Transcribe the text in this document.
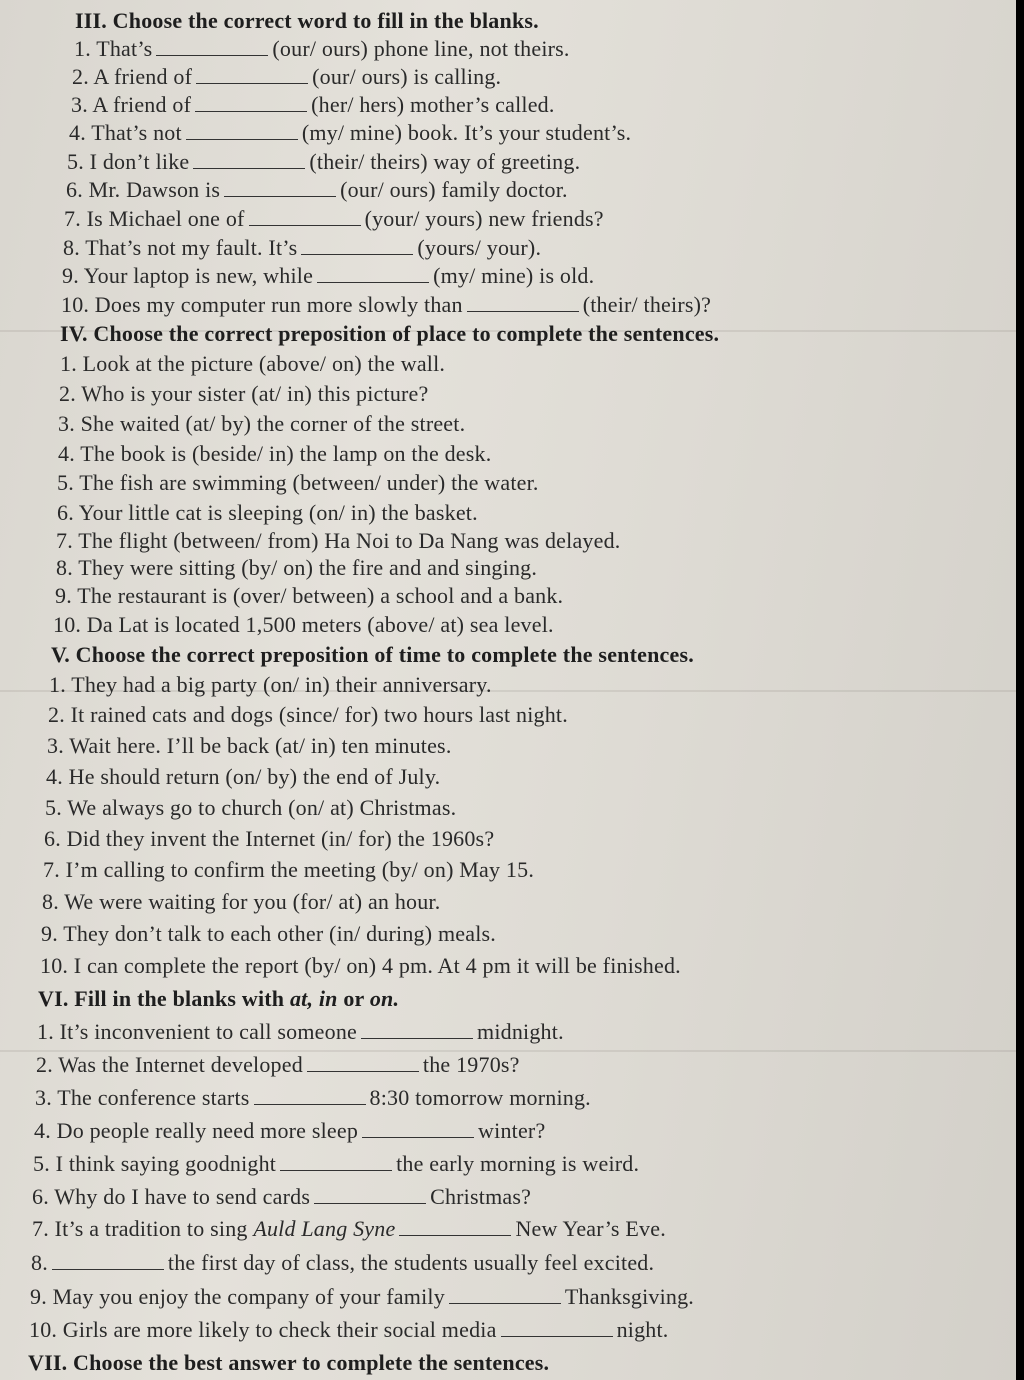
III. Choose the correct word to fill in the blanks.
1. That’s	(our/ ours) phone line, not theirs.
2. A friend of	(our/ ours) is calling.
3. A friend of	(her/ hers) mother’s called.
4. That’s not	(my/ mine) book. It’s your student’s.
5. I don’t like	(their/ theirs) way of greeting.
6. Mr. Dawson is	(our/ ours) family doctor.
7. Is Michael one of	(your/ yours) new friends?
8. That’s not my fault. It’s	(yours/ your).
9. Your laptop is new, while	(my/ mine) is old.
10. Does my computer run more slowly than	(their/ theirs)?
IV. Choose the correct preposition of place to complete the sentences.
1. Look at the picture (above/ on) the wall.
2. Who is your sister (at/ in) this picture?
3. She waited (at/ by) the corner of the street.
4. The book is (beside/ in) the lamp on the desk.
5. The fish are swimming (between/ under) the water.
6. Your little cat is sleeping (on/ in) the basket.
7. The flight (between/ from) Ha Noi to Da Nang was delayed.
8. They were sitting (by/ on) the fire and and singing.
9. The restaurant is (over/ between) a school and a bank.
10. Da Lat is located 1,500 meters (above/ at) sea level.
V. Choose the correct preposition of time to complete the sentences.
1. They had a big party (on/ in) their anniversary.
2. It rained cats and dogs (since/ for) two hours last night.
3. Wait here. I’ll be back (at/ in) ten minutes.
4. He should return (on/ by) the end of July.
5. We always go to church (on/ at) Christmas.
6. Did they invent the Internet (in/ for) the 1960s?
7. I’m calling to confirm the meeting (by/ on) May 15.
8. We were waiting for you (for/ at) an hour.
9. They don’t talk to each other (in/ during) meals.
10. I can complete the report (by/ on) 4 pm. At 4 pm it will be finished.
VI. Fill in the blanks with at, in or on.
1. It’s inconvenient to call someone	midnight.
2. Was the Internet developed	the 1970s?
3. The conference starts	8:30 tomorrow morning.
4. Do people really need more sleep	winter?
5. I think saying goodnight	the early morning is weird.
6. Why do I have to send cards	Christmas?
7. It’s a tradition to sing Auld Lang Syne	New Year’s Eve.
8.	the first day of class, the students usually feel excited.
9. May you enjoy the company of your family	Thanksgiving.
10. Girls are more likely to check their social media	night.
VII. Choose the best answer to complete the sentences.
